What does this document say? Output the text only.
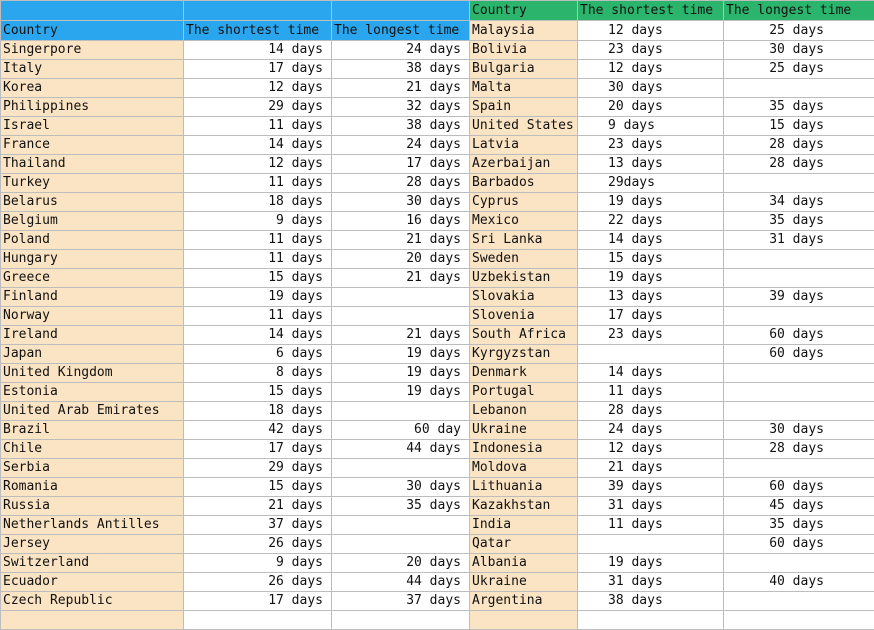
			Country	The shortest time	The longest time
Country	The shortest time	The longest time	Malaysia	12 days	25 days
Singerpore	14 days	24 days	Bolivia	23 days	30 days
Italy	17 days	38 days	Bulgaria	12 days	25 days
Korea	12 days	21 days	Malta	30 days	
Philippines	29 days	32 days	Spain	20 days	35 days
Israel	11 days	38 days	United States	9 days	15 days
France	14 days	24 days	Latvia	23 days	28 days
Thailand	12 days	17 days	Azerbaijan	13 days	28 days
Turkey	11 days	28 days	Barbados	29days	
Belarus	18 days	30 days	Cyprus	19 days	34 days
Belgium	9 days	16 days	Mexico	22 days	35 days
Poland	11 days	21 days	Sri Lanka	14 days	31 days
Hungary	11 days	20 days	Sweden	15 days	
Greece	15 days	21 days	Uzbekistan	19 days	
Finland	19 days		Slovakia	13 days	39 days
Norway	11 days		Slovenia	17 days	
Ireland	14 days	21 days	South Africa	23 days	60 days
Japan	6 days	19 days	Kyrgyzstan		60 days
United Kingdom	8 days	19 days	Denmark	14 days	
Estonia	15 days	19 days	Portugal	11 days	
United Arab Emirates	18 days		Lebanon	28 days	
Brazil	42 days	60 day	Ukraine	24 days	30 days
Chile	17 days	44 days	Indonesia	12 days	28 days
Serbia	29 days		Moldova	21 days	
Romania	15 days	30 days	Lithuania	39 days	60 days
Russia	21 days	35 days	Kazakhstan	31 days	45 days
Netherlands Antilles	37 days		India	11 days	35 days
Jersey	26 days		Qatar		60 days
Switzerland	9 days	20 days	Albania	19 days	
Ecuador	26 days	44 days	Ukraine	31 days	40 days
Czech Republic	17 days	37 days	Argentina	38 days	
